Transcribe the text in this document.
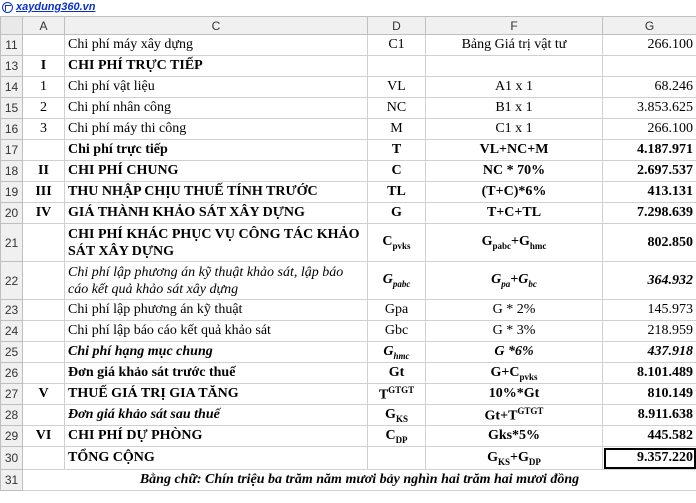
xaydung360.vn
	A	C	D	F	G
11		Chi phí máy xây dựng	C1	Bảng Giá trị vật tư	266.100
13	I	CHI PHÍ TRỰC TIẾP			
14	1	Chi phí vật liệu	VL	A1 x 1	68.246
15	2	Chi phí nhân công	NC	B1 x 1	3.853.625
16	3	Chi phí máy thi công	M	C1 x 1	266.100
17		Chi phí trực tiếp	T	VL+NC+M	4.187.971
18	II	CHI PHÍ CHUNG	C	NC * 70%	2.697.537
19	III	THU NHẬP CHỊU THUẾ TÍNH TRƯỚC	TL	(T+C)*6%	413.131
20	IV	GIÁ THÀNH KHẢO SÁT XÂY DỰNG	G	T+C+TL	7.298.639
21		CHI PHÍ KHÁC PHỤC VỤ CÔNG TÁC KHẢO SÁT XÂY DỰNG	$C_{pvks}$	$G_{pabc}+G_{hmc}$	802.850
22		Chi phí lập phương án kỹ thuật khảo sát, lập báo cáo kết quả khảo sát xây dựng	$G_{pabc}$	$G_{pa}+G_{bc}$	364.932
23		Chi phí lập phương án kỹ thuật	Gpa	G * 2%	145.973
24		Chi phí lập báo cáo kết quả khảo sát	Gbc	G * 3%	218.959
25		Chi phí hạng mục chung	$G_{hmc}$	G *6%	437.918
26		Đơn giá khảo sát trước thuế	Gt	$G+C_{pvks}$	8.101.489
27	V	THUẾ GIÁ TRỊ GIA TĂNG	$T^{GTGT}$	10%*Gt	810.149
28		Đơn giá khảo sát sau thuế	$G_{KS}$	$Gt+T^{GTGT}$	8.911.638
29	VI	CHI PHÍ DỰ PHÒNG	$C_{DP}$	Gks*5%	445.582
30		TỔNG CỘNG		$G_{KS}+G_{DP}$	9.357.220
31	Bằng chữ: Chín triệu ba trăm năm mươi bảy nghìn hai trăm hai mươi đồng				
